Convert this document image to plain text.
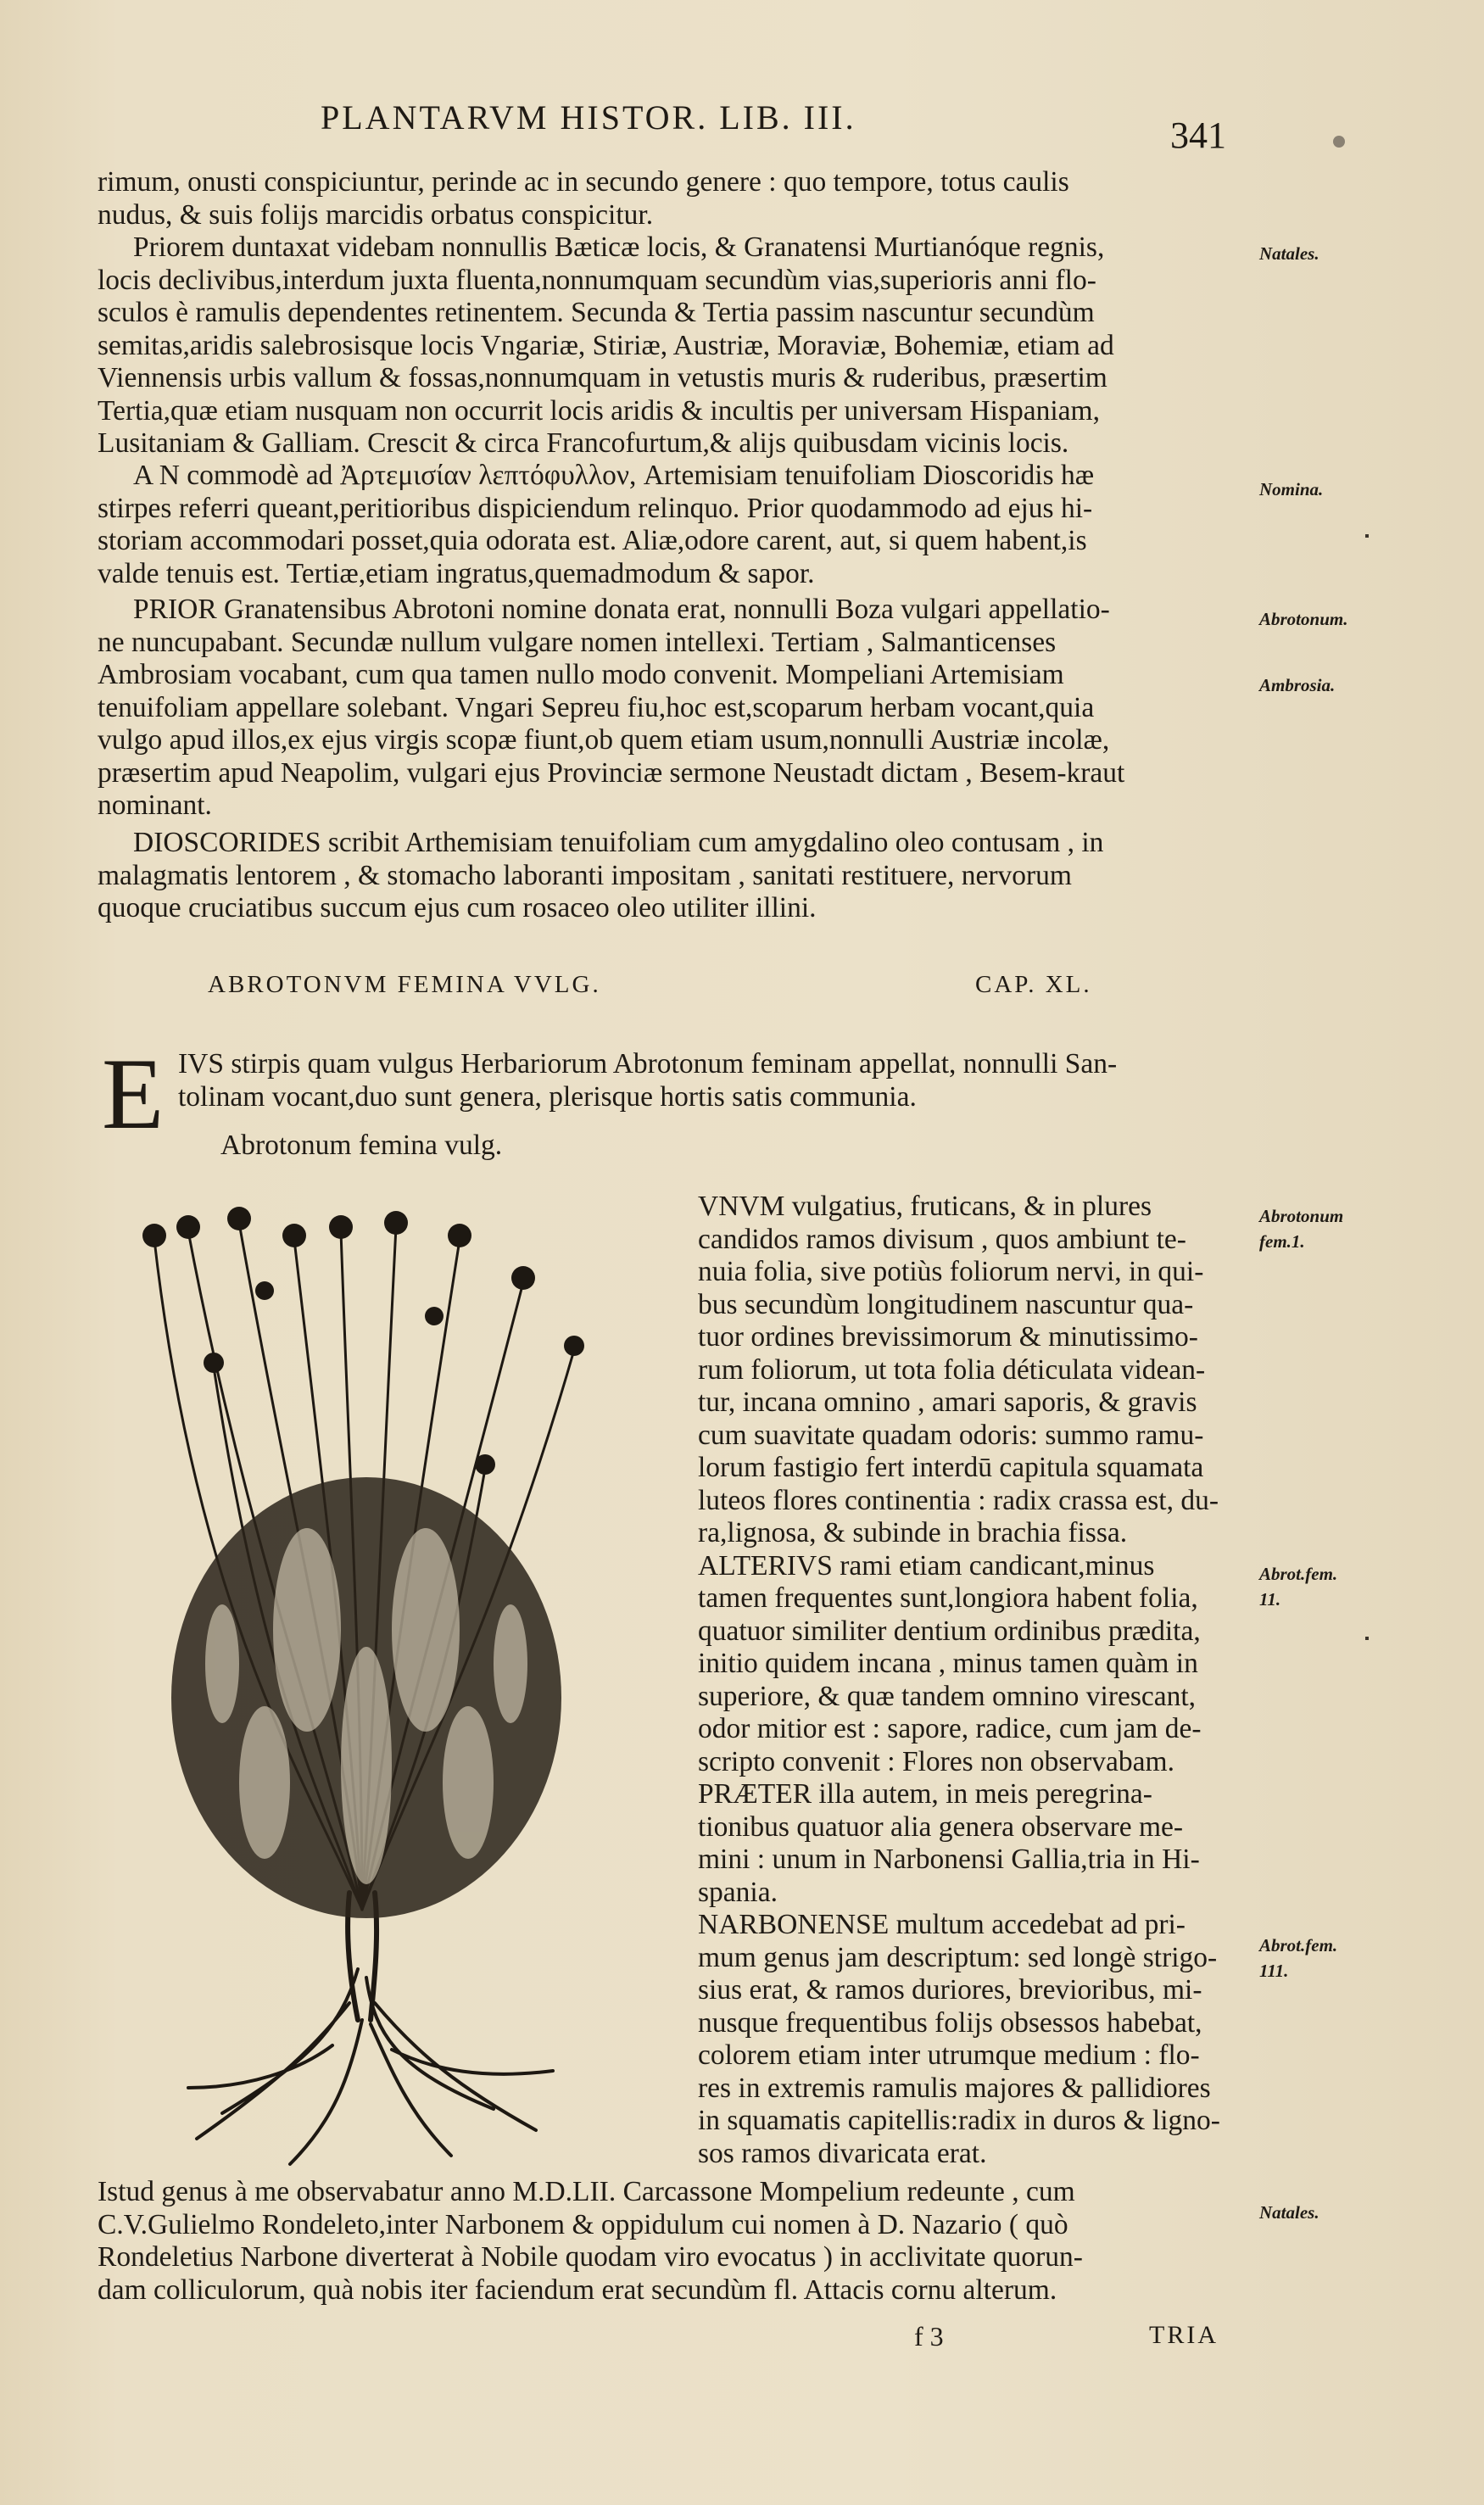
PLANTARVM HISTOR. LIB. III.	341
rimum, onusti conspiciuntur, perinde ac in secundo genere : quo tempore, totus caulis
nudus, & suis folijs marcidis orbatus conspicitur.
Priorem duntaxat videbam nonnullis Bæticæ locis, & Granatensi Murtianóque regnis,
locis declivibus,interdum juxta fluenta,nonnumquam secundùm vias,superioris anni flo-
sculos è ramulis dependentes retinentem. Secunda & Tertia passim nascuntur secundùm
semitas,aridis salebrosisque locis Vngariæ, Stiriæ, Austriæ, Moraviæ, Bohemiæ, etiam ad
Viennensis urbis vallum & fossas,nonnumquam in vetustis muris & ruderibus, præsertim
Tertia,quæ etiam nusquam non occurrit locis aridis & incultis per universam Hispaniam,
Lusitaniam & Galliam. Crescit & circa Francofurtum,& alijs quibusdam vicinis locis.
A N commodè ad Ἀρτεμισίαν λεπτόφυλλον, Artemisiam tenuifoliam Dioscoridis hæ
stirpes referri queant,peritioribus dispiciendum relinquo. Prior quodammodo ad ejus hi-
storiam accommodari posset,quia odorata est. Aliæ,odore carent, aut, si quem habent,is
valde tenuis est. Tertiæ,etiam ingratus,quemadmodum & sapor.
PRIOR Granatensibus Abrotoni nomine donata erat, nonnulli Boza vulgari appellatio-
ne nuncupabant. Secundæ nullum vulgare nomen intellexi. Tertiam , Salmanticenses
Ambrosiam vocabant, cum qua tamen nullo modo convenit. Mompeliani Artemisiam
tenuifoliam appellare solebant. Vngari Sepreu fiu,hoc est,scoparum herbam vocant,quia
vulgo apud illos,ex ejus virgis scopæ fiunt,ob quem etiam usum,nonnulli Austriæ incolæ,
præsertim apud Neapolim, vulgari ejus Provinciæ sermone Neustadt dictam , Besem-kraut
nominant.
DIOSCORIDES scribit Arthemisiam tenuifoliam cum amygdalino oleo contusam , in
malagmatis lentorem , & stomacho laboranti impositam , sanitati restituere, nervorum
quoque cruciatibus succum ejus cum rosaceo oleo utiliter illini.
ABROTONVM FEMINA VVLG.	CAP. XL.
E IVS stirpis quam vulgus Herbariorum Abrotonum feminam appellat, nonnulli San-
tolinam vocant,duo sunt genera, plerisque hortis satis communia.
Abrotonum femina vulg.
VNVM vulgatius, fruticans, & in plures
candidos ramos divisum , quos ambiunt te-
nuia folia, sive potiùs foliorum nervi, in qui-
bus secundùm longitudinem nascuntur qua-
tuor ordines brevissimorum & minutissimo-
rum foliorum, ut tota folia déticulata videan-
tur, incana omnino , amari saporis, & gravis
cum suavitate quadam odoris: summo ramu-
lorum fastigio fert interdū capitula squamata
luteos flores continentia : radix crassa est, du-
ra,lignosa, & subinde in brachia fissa.
ALTERIVS rami etiam candicant,minus
tamen frequentes sunt,longiora habent folia,
quatuor similiter dentium ordinibus prædita,
initio quidem incana , minus tamen quàm in
superiore, & quæ tandem omnino virescant,
odor mitior est : sapore, radice, cum jam de-
scripto convenit : Flores non observabam.
PRÆTER illa autem, in meis peregrina-
tionibus quatuor alia genera observare me-
mini : unum in Narbonensi Gallia,tria in Hi-
spania.
NARBONENSE multum accedebat ad pri-
mum genus jam descriptum: sed longè strigo-
sius erat, & ramos duriores, brevioribus, mi-
nusque frequentibus folijs obsessos habebat,
colorem etiam inter utrumque medium : flo-
res in extremis ramulis majores & pallidiores
in squamatis capitellis:radix in duros & ligno-
sos ramos divaricata erat.
Istud genus à me observabatur anno M.D.LII. Carcassone Mompelium redeunte , cum
C.V.Gulielmo Rondeleto,inter Narbonem & oppidulum cui nomen à D. Nazario ( quò
Rondeletius Narbone diverterat à Nobile quodam viro evocatus ) in acclivitate quorun-
dam colliculorum, quà nobis iter faciendum erat secundùm fl. Attacis cornu alterum.
f 3	TRIA
Natales.
Nomina.
Abrotonum.
Ambrosia.
Abrotonum
fem.1.
Abrot.fem.
11.
Abrot.fem.
111.
Natales.
